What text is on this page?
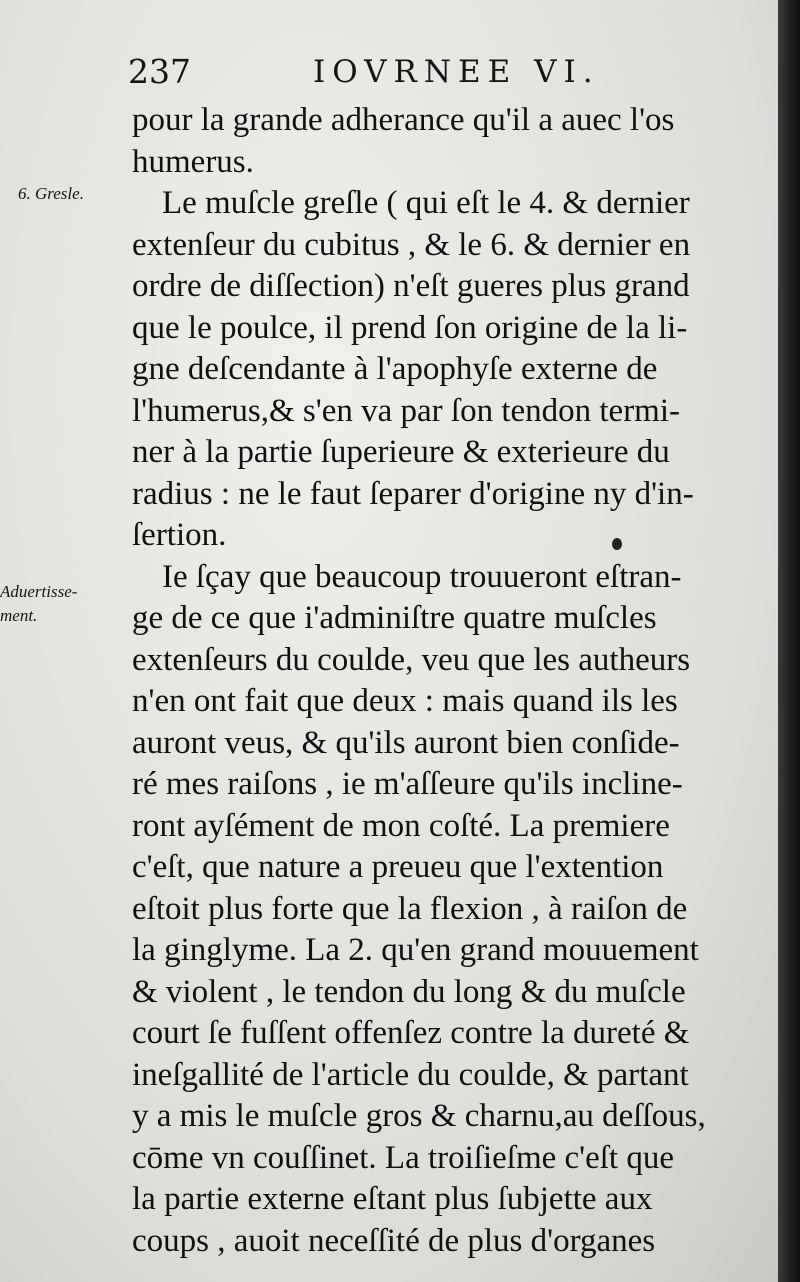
237	IOVRNEE VI.
6. Gresle.
Aduertisse-
ment.
pour la grande adherance qu'il a auec l'os
humerus.
Le muſcle greſle ( qui eſt le 4. & dernier
extenſeur du cubitus , & le 6. & dernier en
ordre de diſſection) n'eſt gueres plus grand
que le poulce, il prend ſon origine de la li-
gne deſcendante à l'apophyſe externe de
l'humerus,& s'en va par ſon tendon termi-
ner à la partie ſuperieure & exterieure du
radius : ne le faut ſeparer d'origine ny d'in-
ſertion.
Ie ſçay que beaucoup trouueront eſtran-
ge de ce que i'adminiſtre quatre muſcles
extenſeurs du coulde, veu que les autheurs
n'en ont fait que deux : mais quand ils les
auront veus, & qu'ils auront bien conſide-
ré mes raiſons , ie m'aſſeure qu'ils incline-
ront ayſément de mon coſté. La premiere
c'eſt, que nature a preueu que l'extention
eſtoit plus forte que la flexion , à raiſon de
la ginglyme. La 2. qu'en grand mouuement
& violent , le tendon du long & du muſcle
court ſe fuſſent offenſez contre la dureté &
ineſgallité de l'article du coulde, & partant
y a mis le muſcle gros & charnu,au deſſous,
cōme vn couſſinet. La troiſieſme c'eſt que
la partie externe eſtant plus ſubjette aux
coups , auoit neceſſité de plus d'organes
